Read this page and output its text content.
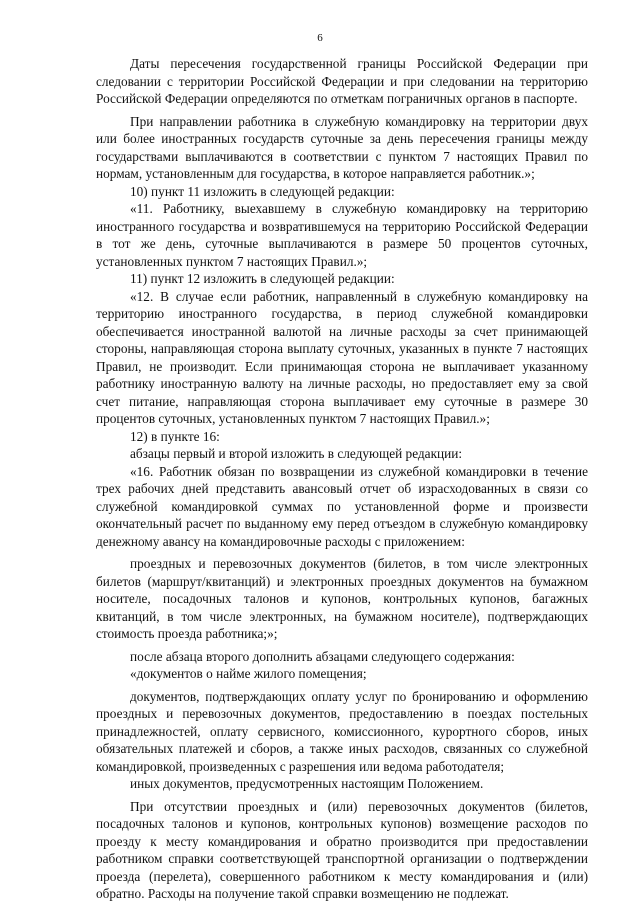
6

Даты пересечения государственной границы Российской Федерации при следовании с территории Российской Федерации и при следовании на территорию Российской Федерации определяются по отметкам пограничных органов в паспорте.

При направлении работника в служебную командировку на территории двух или более иностранных государств суточные за день пересечения границы между государствами выплачиваются в соответствии с пунктом 7 настоящих Правил по нормам, установленным для государства, в которое направляется работник.»;

10) пункт 11 изложить в следующей редакции:

«11. Работнику, выехавшему в служебную командировку на территорию иностранного государства и возвратившемуся на территорию Российской Федерации в тот же день, суточные выплачиваются в размере 50 процентов суточных, установленных пунктом 7 настоящих Правил.»;

11) пункт 12 изложить в следующей редакции:

«12. В случае если работник, направленный в служебную командировку на территорию иностранного государства, в период служебной командировки обеспечивается иностранной валютой на личные расходы за счет принимающей стороны, направляющая сторона выплату суточных, указанных в пункте 7 настоящих Правил, не производит. Если принимающая сторона не выплачивает указанному работнику иностранную валюту на личные расходы, но предоставляет ему за свой счет питание, направляющая сторона выплачивает ему суточные в размере 30 процентов суточных, установленных пунктом 7 настоящих Правил.»;

12) в пункте 16:

абзацы первый и второй изложить в следующей редакции:

«16. Работник обязан по возвращении из служебной командировки в течение трех рабочих дней представить авансовый отчет об израсходованных в связи со служебной командировкой суммах по установленной форме и произвести окончательный расчет по выданному ему перед отъездом в служебную командировку денежному авансу на командировочные расходы с приложением:

проездных и перевозочных документов (билетов, в том числе электронных билетов (маршрут/квитанций) и электронных проездных документов на бумажном носителе, посадочных талонов и купонов, контрольных купонов, багажных квитанций, в том числе электронных, на бумажном носителе), подтверждающих стоимость проезда работника;»;

после абзаца второго дополнить абзацами следующего содержания:

«документов о найме жилого помещения;

документов, подтверждающих оплату услуг по бронированию и оформлению проездных и перевозочных документов, предоставлению в поездах постельных принадлежностей, оплату сервисного, комиссионного, курортного сборов, иных обязательных платежей и сборов, а также иных расходов, связанных со служебной командировкой, произведенных с разрешения или ведома работодателя;

иных документов, предусмотренных настоящим Положением.

При отсутствии проездных и (или) перевозочных документов (билетов, посадочных талонов и купонов, контрольных купонов) возмещение расходов по проезду к месту командирования и обратно производится при предоставлении работником справки соответствующей транспортной организации о подтверждении проезда (перелета), совершенного работником к месту командирования и (или) обратно. Расходы на получение такой справки возмещению не подлежат.
